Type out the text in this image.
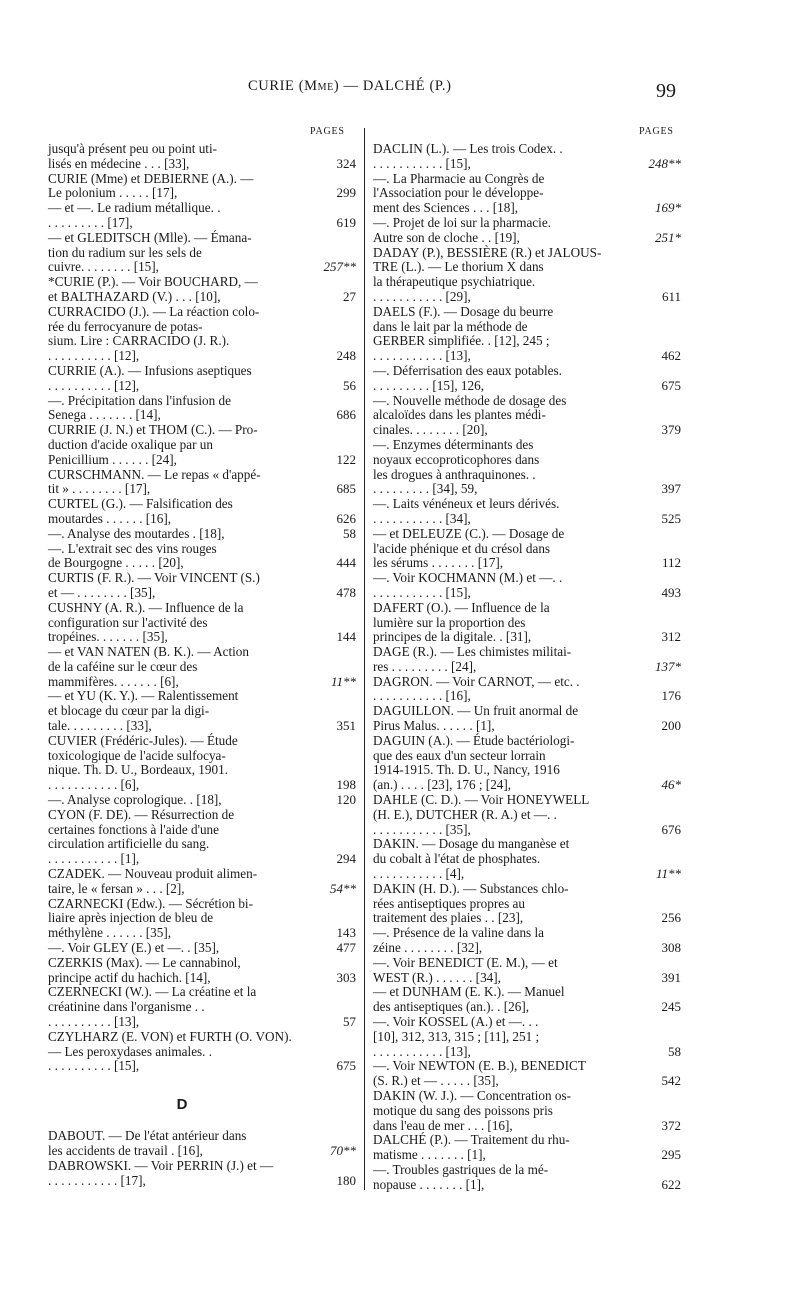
CURIE (Mme) — DALCHÉ (P.)	99
PAGES
jusqu'à présent peu ou point uti-
lisés en médecine . . . [33],	324
CURIE (Mme) et DEBIERNE (A.). —
Le polonium . . . . . [17],	299
— et —. Le radium métallique. .
. . . . . . . . . [17],	619
— et GLEDITSCH (Mlle). — Émana-
tion du radium sur les sels de
cuivre. . . . . . . . [15],	257**
*CURIE (P.). — Voir BOUCHARD, —
et BALTHAZARD (V.) . . . [10],	27
CURRACIDO (J.). — La réaction colo-
rée du ferrocyanure de potas-
sium. Lire : CARRACIDO (J. R.).
. . . . . . . . . . [12],	248
CURRIE (A.). — Infusions aseptiques
. . . . . . . . . . [12],	56
—. Précipitation dans l'infusion de
Senega . . . . . . . [14],	686
CURRIE (J. N.) et THOM (C.). — Pro-
duction d'acide oxalique par un
Penicillium . . . . . . [24],	122
CURSCHMANN. — Le repas « d'appé-
tit » . . . . . . . . [17],	685
CURTEL (G.). — Falsification des
moutardes . . . . . . [16],	626
—. Analyse des moutardes . [18],	58
—. L'extrait sec des vins rouges
de Bourgogne . . . . . [20],	444
CURTIS (F. R.). — Voir VINCENT (S.)
et — . . . . . . . . [35],	478
CUSHNY (A. R.). — Influence de la
configuration sur l'activité des
tropéines. . . . . . . [35],	144
— et VAN NATEN (B. K.). — Action
de la caféine sur le cœur des
mammifères. . . . . . . [6],	11**
— et YU (K. Y.). — Ralentissement
et blocage du cœur par la digi-
tale. . . . . . . . . [33],	351
CUVIER (Frédéric-Jules). — Étude
toxicologique de l'acide sulfocya-
nique. Th. D. U., Bordeaux, 1901.
. . . . . . . . . . . [6],	198
—. Analyse coprologique. . [18],	120
CYON (F. DE). — Résurrection de
certaines fonctions à l'aide d'une
circulation artificielle du sang.
. . . . . . . . . . . [1],	294
CZADEK. — Nouveau produit alimen-
taire, le « fersan » . . . [2],	54**
CZARNECKI (Edw.). — Sécrétion bi-
liaire après injection de bleu de
méthylène . . . . . . [35],	143
—. Voir GLEY (E.) et —. . [35],	477
CZERKIS (Max). — Le cannabinol,
principe actif du hachich. [14],	303
CZERNECKI (W.). — La créatine et la
créatinine dans l'organisme . .
. . . . . . . . . . [13],	57
CZYLHARZ (E. VON) et FURTH (O. VON).
— Les peroxydases animales. .
. . . . . . . . . . [15],	675
D
DABOUT. — De l'état antérieur dans
les accidents de travail . [16],	70**
DABROWSKI. — Voir PERRIN (J.) et —
. . . . . . . . . . . [17],	180
PAGES
DACLIN (L.). — Les trois Codex. .
. . . . . . . . . . . [15],	248**
—. La Pharmacie au Congrès de
l'Association pour le développe-
ment des Sciences . . . [18],	169*
—. Projet de loi sur la pharmacie.
Autre son de cloche . . [19],	251*
DADAY (P.), BESSIÈRE (R.) et JALOUS-
TRE (L.). — Le thorium X dans
la thérapeutique psychiatrique.
. . . . . . . . . . . [29],	611
DAELS (F.). — Dosage du beurre
dans le lait par la méthode de
GERBER simplifiée. . [12], 245 ;
. . . . . . . . . . . [13],	462
—. Déferrisation des eaux potables.
. . . . . . . . . [15], 126,	675
—. Nouvelle méthode de dosage des
alcaloïdes dans les plantes médi-
cinales. . . . . . . . [20],	379
—. Enzymes déterminants des
noyaux eccoproticophores dans
les drogues à anthraquinones. .
. . . . . . . . . [34], 59,	397
—. Laits vénéneux et leurs dérivés.
. . . . . . . . . . . [34],	525
— et DELEUZE (C.). — Dosage de
l'acide phénique et du crésol dans
les sérums . . . . . . . [17],	112
—. Voir KOCHMANN (M.) et —. .
. . . . . . . . . . . [15],	493
DAFERT (O.). — Influence de la
lumière sur la proportion des
principes de la digitale. . [31],	312
DAGE (R.). — Les chimistes militai-
res . . . . . . . . . [24],	137*
DAGRON. — Voir CARNOT, — etc. .
. . . . . . . . . . . [16],	176
DAGUILLON. — Un fruit anormal de
Pirus Malus. . . . . . [1],	200
DAGUIN (A.). — Étude bactériologi-
que des eaux d'un secteur lorrain
1914-1915. Th. D. U., Nancy, 1916
(an.) . . . . [23], 176 ; [24],	46*
DAHLE (C. D.). — Voir HONEYWELL
(H. E.), DUTCHER (R. A.) et —. .
. . . . . . . . . . . [35],	676
DAKIN. — Dosage du manganèse et
du cobalt à l'état de phosphates.
. . . . . . . . . . . [4],	11**
DAKIN (H. D.). — Substances chlo-
rées antiseptiques propres au
traitement des plaies . . [23],	256
—. Présence de la valine dans la
zéine . . . . . . . . [32],	308
—. Voir BENEDICT (E. M.), — et
WEST (R.) . . . . . . [34],	391
— et DUNHAM (E. K.). — Manuel
des antiseptiques (an.). . [26],	245
—. Voir KOSSEL (A.) et —. . .
[10], 312, 313, 315 ; [11], 251 ;
. . . . . . . . . . . [13],	58
—. Voir NEWTON (E. B.), BENEDICT
(S. R.) et — . . . . . [35],	542
DAKIN (W. J.). — Concentration os-
motique du sang des poissons pris
dans l'eau de mer . . . [16],	372
DALCHÉ (P.). — Traitement du rhu-
matisme . . . . . . . [1],	295
—. Troubles gastriques de la mé-
nopause . . . . . . . [1],	622
